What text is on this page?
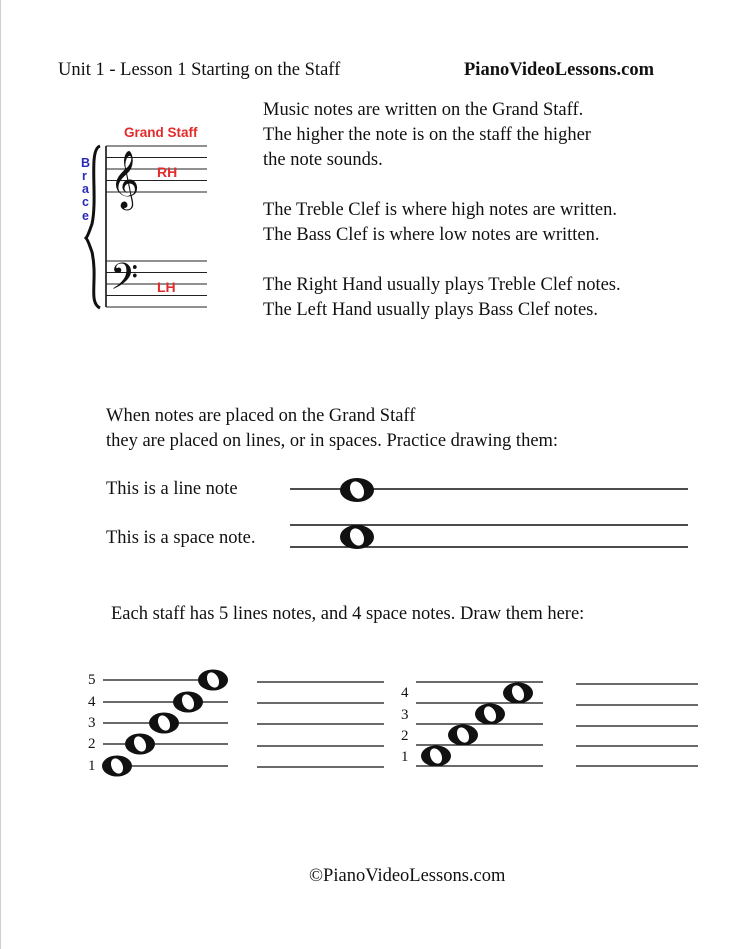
Unit 1 - Lesson 1 Starting on the Staff	PianoVideoLessons.com
Grand Staff
B
r
a
c
e
𝄞
𝄢
RH
LH

Music notes are written on the Grand Staff.

The higher the note is on the staff the higher

the note sounds.

The Treble Clef is where high notes are written.

The Bass Clef is where low notes are written.

The Right Hand usually plays Treble Clef notes.

The Left Hand usually plays Bass Clef notes.

When notes are placed on the Grand Staff

they are placed on lines, or in spaces. Practice drawing them:

This is a line note
This is a space note.
Each staff has 5 lines notes, and 4 space notes. Draw them here:
5
4
3
2
1
4
3
2
1
©PianoVideoLessons.com
